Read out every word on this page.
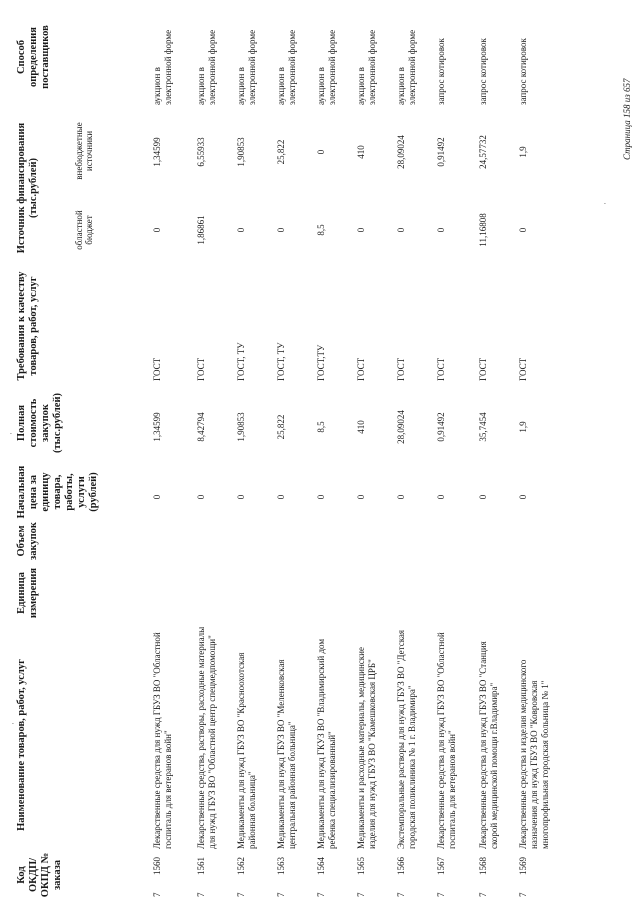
Код ОКДП/ ОКПД № заказа
Наименование товаров, работ, услуг
Единица измерения
Объем закупок
Начальная цена за единицу товара, работы, услуги (рублей)
Полная стоимость закупок (тыс.рублей)
Требования к качеству товаров, работ, услуг
Источник финансирования (тыс.рублей)
областной бюджет
внебюджетные источники
Способ определения поставщиков
7
1560
Лекарственные средства для нужд ГБУЗ ВО "Областной госпиталь для ветеранов войн"
0
1,34599
ГОСТ
0
1,34599
аукцион в электронной форме
7
1561
Лекарственные средства, растворы, расходные материалы для нужд ГБУЗ ВО "Областной центр спецмедпомощи"
0
8,42794
ГОСТ
1,86861
6,55933
аукцион в электронной форме
7
1562
Медикаменты для нужд ГБУЗ ВО "Красноохотская районная больница"
0
1,90853
ГОСТ, ТУ
0
1,90853
аукцион в электронной форме
7
1563
Медикаменты для нужд ГБУЗ ВО "Меленковская центральная районная больница"
0
25,822
ГОСТ, ТУ
0
25,822
аукцион в электронной форме
7
1564
Медикаменты для нужд ГКУЗ ВО "Владимирский дом ребенка специализированный"
0
8,5
ГОСТ,ТУ
8,5
0
аукцион в электронной форме
7
1565
Медикаменты и расходные материалы, медицинские изделия для нужд ГБУЗ ВО "Камешковская ЦРБ"
0
410
ГОСТ
0
410
аукцион в электронной форме
7
1566
Экстемпоральные растворы для нужд ГБУЗ ВО "Детская городская поликлиника № 1 г. Владимира"
0
28,09024
ГОСТ
0
28,09024
аукцион в электронной форме
7
1567
Лекарственные средства для нужд ГБУЗ ВО "Областной госпиталь для ветеранов войн"
0
0,91492
ГОСТ
0
0,91492
запрос котировок
7
1568
Лекарственные средства для нужд ГБУЗ ВО "Станция скорой медицинской помощи г.Владимира"
0
35,7454
ГОСТ
11,16808
24,57732
запрос котировок
7
1569
Лекарственные средства и изделия медицинского назначения для нужд ГБУЗ ВО "Ковровская многопрофильная городская больница № 1"
0
1,9
ГОСТ
0
1,9
запрос котировок
Страница 158 из 657
·
·
·
